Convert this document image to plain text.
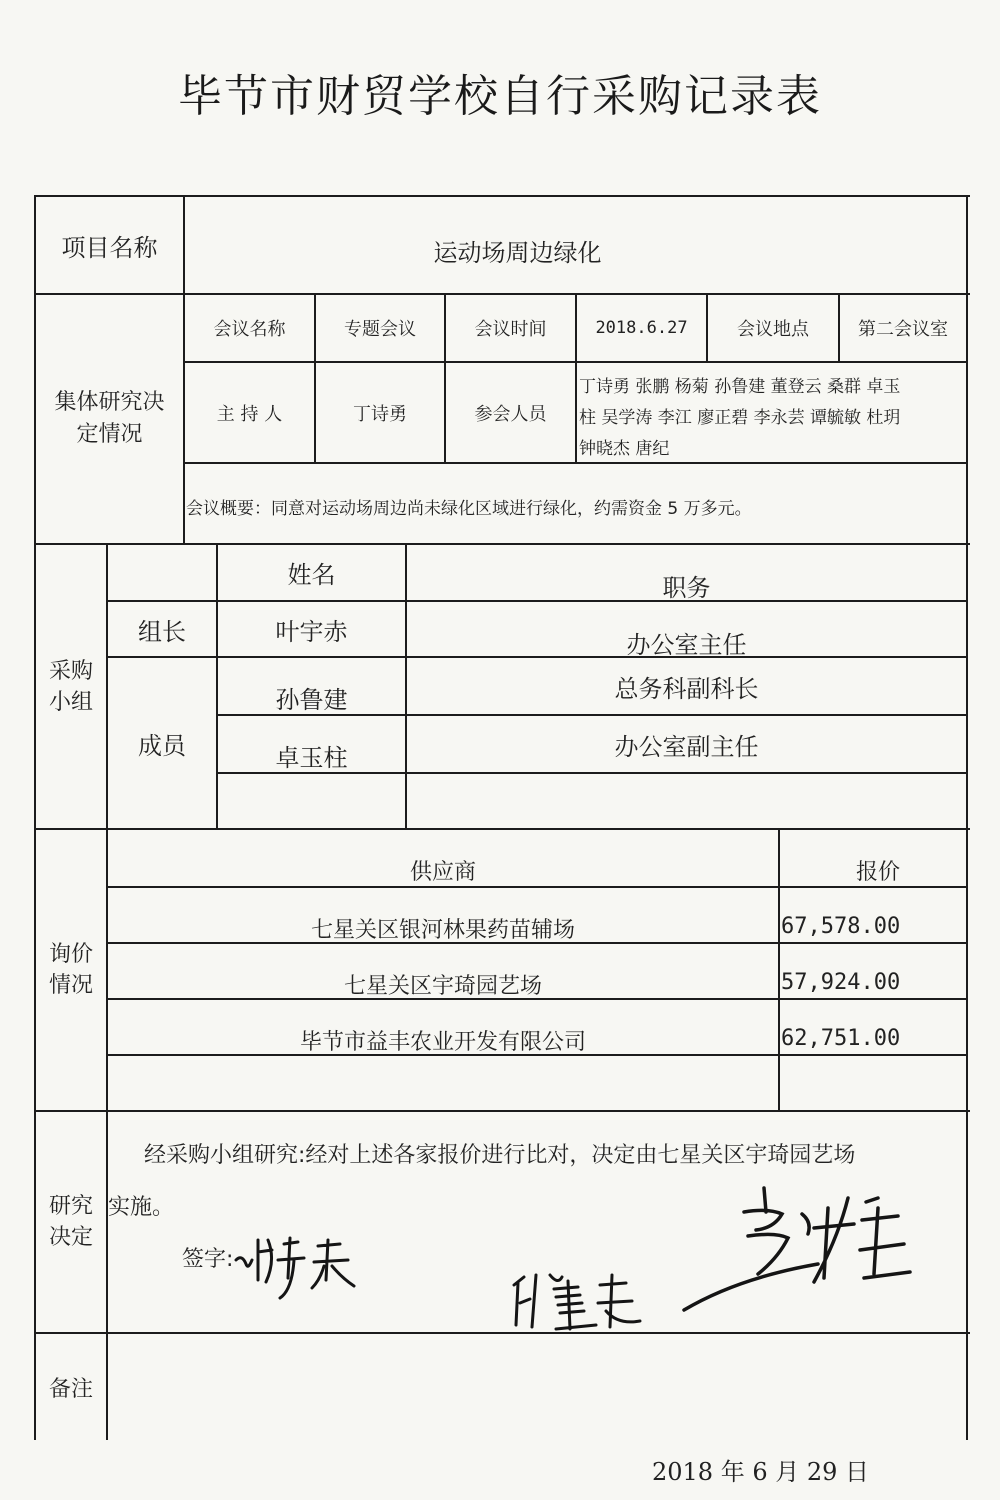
毕节市财贸学校自行采购记录表
项目名称	运动场周边绿化
集体研究决定情况
会议名称	专题会议	会议时间	2018.6.27	会议地点	第二会议室
主 持 人	丁诗勇	参会人员
丁诗勇 张鹏 杨菊 孙鲁建 董登云 桑群 卓玉
柱 吴学涛 李江 廖正碧 李永芸 谭毓敏 杜玥
钟晓杰 唐纪
会议概要：同意对运动场周边尚未绿化区域进行绿化，约需资金 5 万多元。
采购小组
姓名	职务
组长	叶宇赤	办公室主任
成员
孙鲁建	总务科副科长
卓玉柱	办公室副主任
询价情况
供应商	报价
七星关区银河林果药苗辅场	67,578.00
七星关区宇琦园艺场	57,924.00
毕节市益丰农业开发有限公司	62,751.00
研究决定
经采购小组研究:经对上述各家报价进行比对，决定由七星关区宇琦园艺场
实施。
签字:
备注
2018 年 6 月 29 日
